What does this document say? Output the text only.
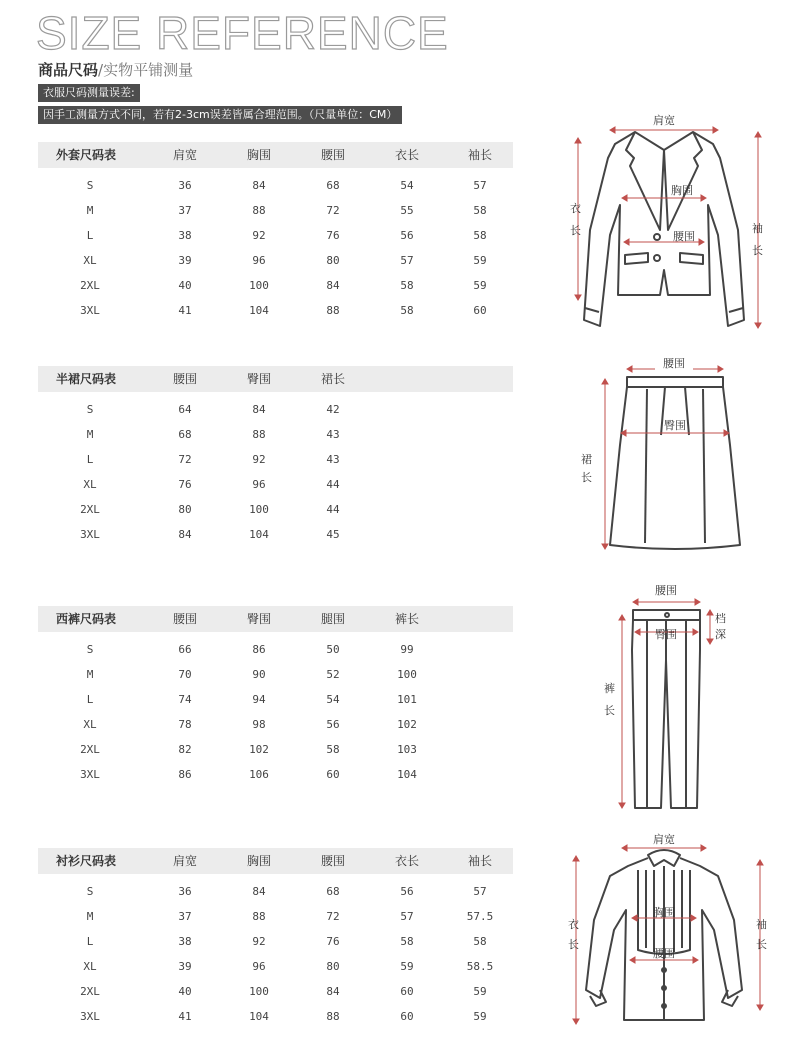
SIZE REFERENCE
商品尺码/实物平铺测量
衣服尺码测量误差:
因手工测量方式不同，若有2-3cm误差皆属合理范围。（尺量单位：CM）
外套尺码表	肩宽	胸围	腰围	衣长	袖长
S	36	84	68	54	57
M	37	88	72	55	58
L	38	92	76	56	58
XL	39	96	80	57	59
2XL	40	100	84	58	59
3XL	41	104	88	58	60
半裙尺码表	腰围	臀围	裙长
S	64	84	42
M	68	88	43
L	72	92	43
XL	76	96	44
2XL	80	100	44
3XL	84	104	45
西裤尺码表	腰围	臀围	腿围	裤长
S	66	86	50	99
M	70	90	52	100
L	74	94	54	101
XL	78	98	56	102
2XL	82	102	58	103
3XL	86	106	60	104
衬衫尺码表	肩宽	胸围	腰围	衣长	袖长
S	36	84	68	56	57
M	37	88	72	57	57.5
L	38	92	76	58	58
XL	39	96	80	59	58.5
2XL	40	100	84	60	59
3XL	41	104	88	60	59
肩宽
胸围
腰围
衣
长	袖
长
腰围
臀围
裙
长
腰围
臀围
档
深
裤
长
肩宽
胸围
腰围
衣
长
袖
长
